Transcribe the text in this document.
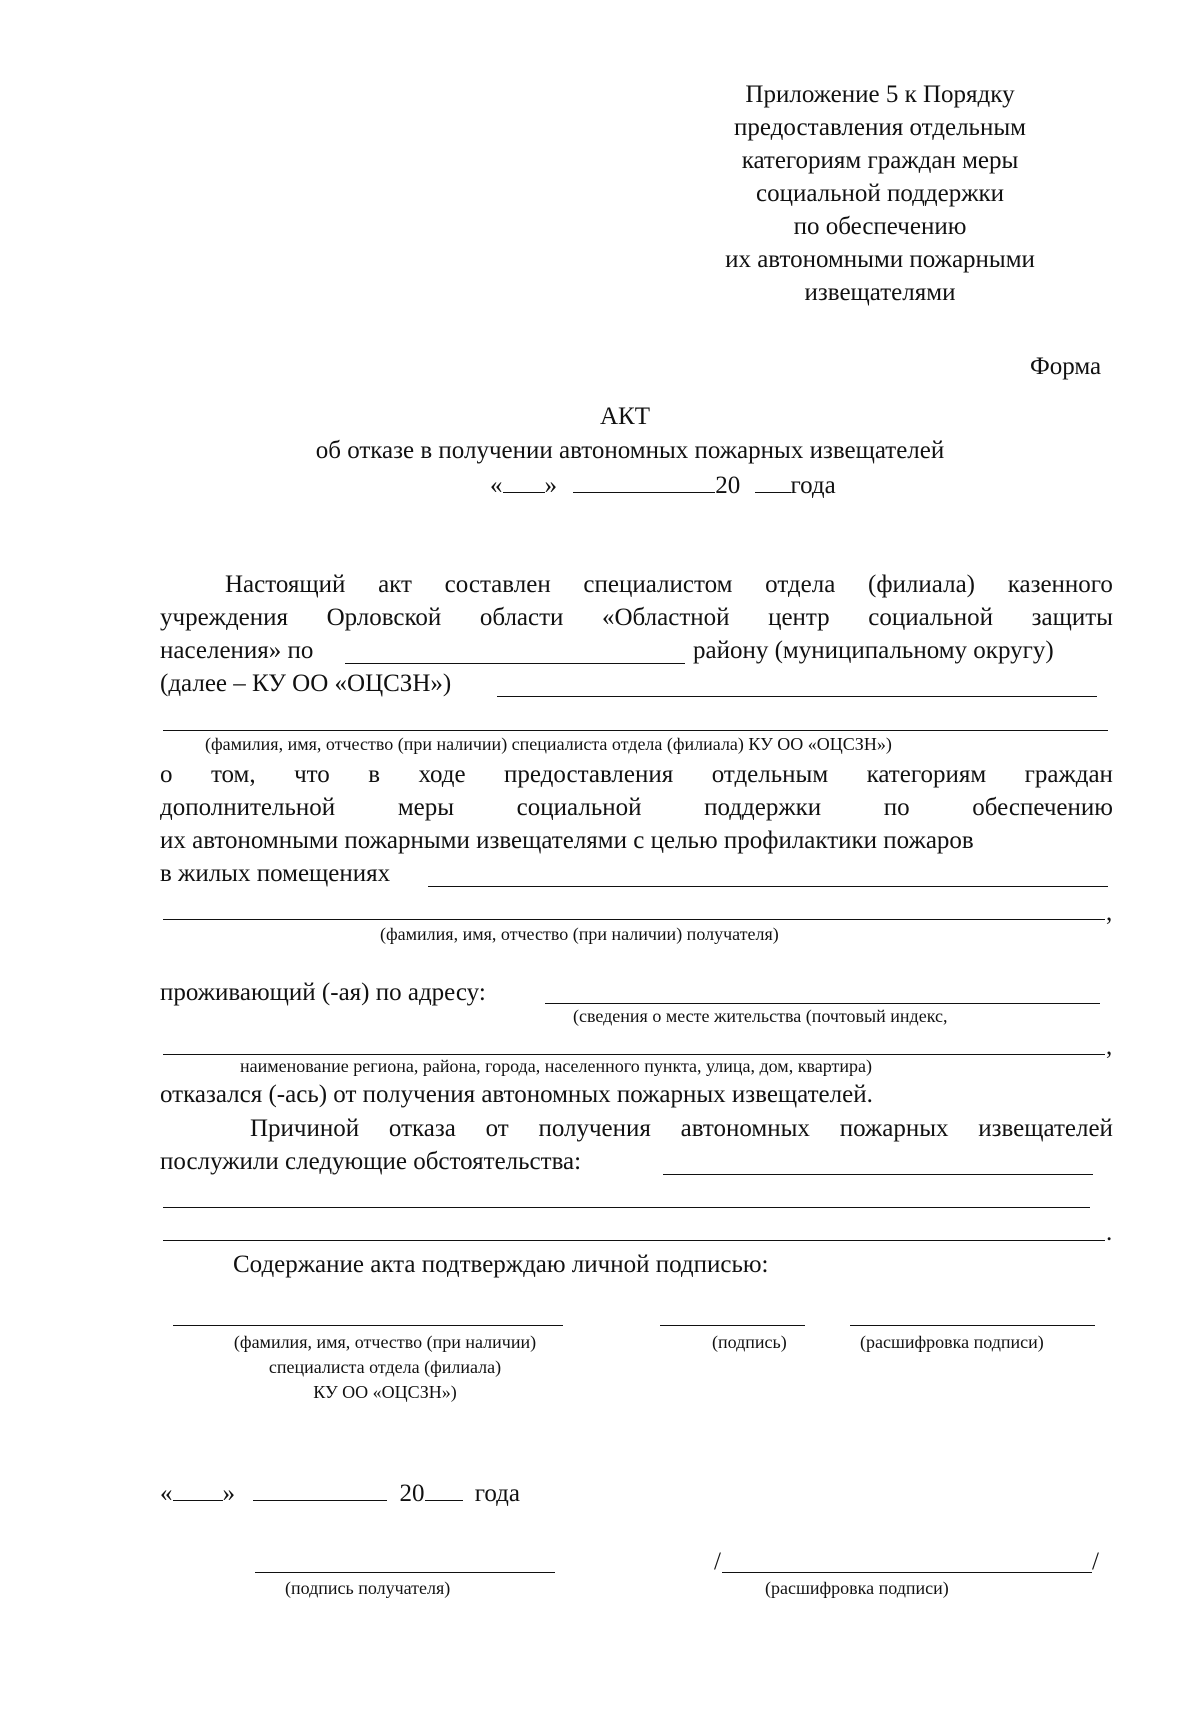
Приложение 5 к Порядку
предоставления отдельным
категориям граждан меры
социальной поддержки
по обеспечению
их автономными пожарными
извещателями
Форма
АКТ
об отказе в получении автономных пожарных извещателей
« »	20 года
Настоящий акт составлен специалистом отдела (филиала) казенного
учреждения Орловской области «Областной центр социальной защиты
населения» по	району (муниципальному округу)
(далее – КУ ОО «ОЦСЗН»)
(фамилия, имя, отчество (при наличии) специалиста отдела (филиала) КУ ОО «ОЦСЗН»)
о том, что в ходе предоставления отдельным категориям граждан
дополнительной	меры	социальной	поддержки	по	обеспечению
их автономными пожарными извещателями с целью профилактики пожаров
в жилых помещениях
,
(фамилия, имя, отчество (при наличии) получателя)
проживающий (-ая) по адресу:
(сведения о месте жительства (почтовый индекс,
,
наименование региона, района, города, населенного пункта, улица, дом, квартира)
отказался (-ась) от получения автономных пожарных извещателей.
Причиной отказа от получения автономных пожарных извещателей
послужили следующие обстоятельства:
.
Содержание акта подтверждаю личной подписью:
(фамилия, имя, отчество (при наличии)
специалиста отдела (филиала)
КУ ОО «ОЦСЗН»)
(подпись)	(расшифровка подписи)
« »	20 года
(подпись получателя)
/	/
(расшифровка подписи)
